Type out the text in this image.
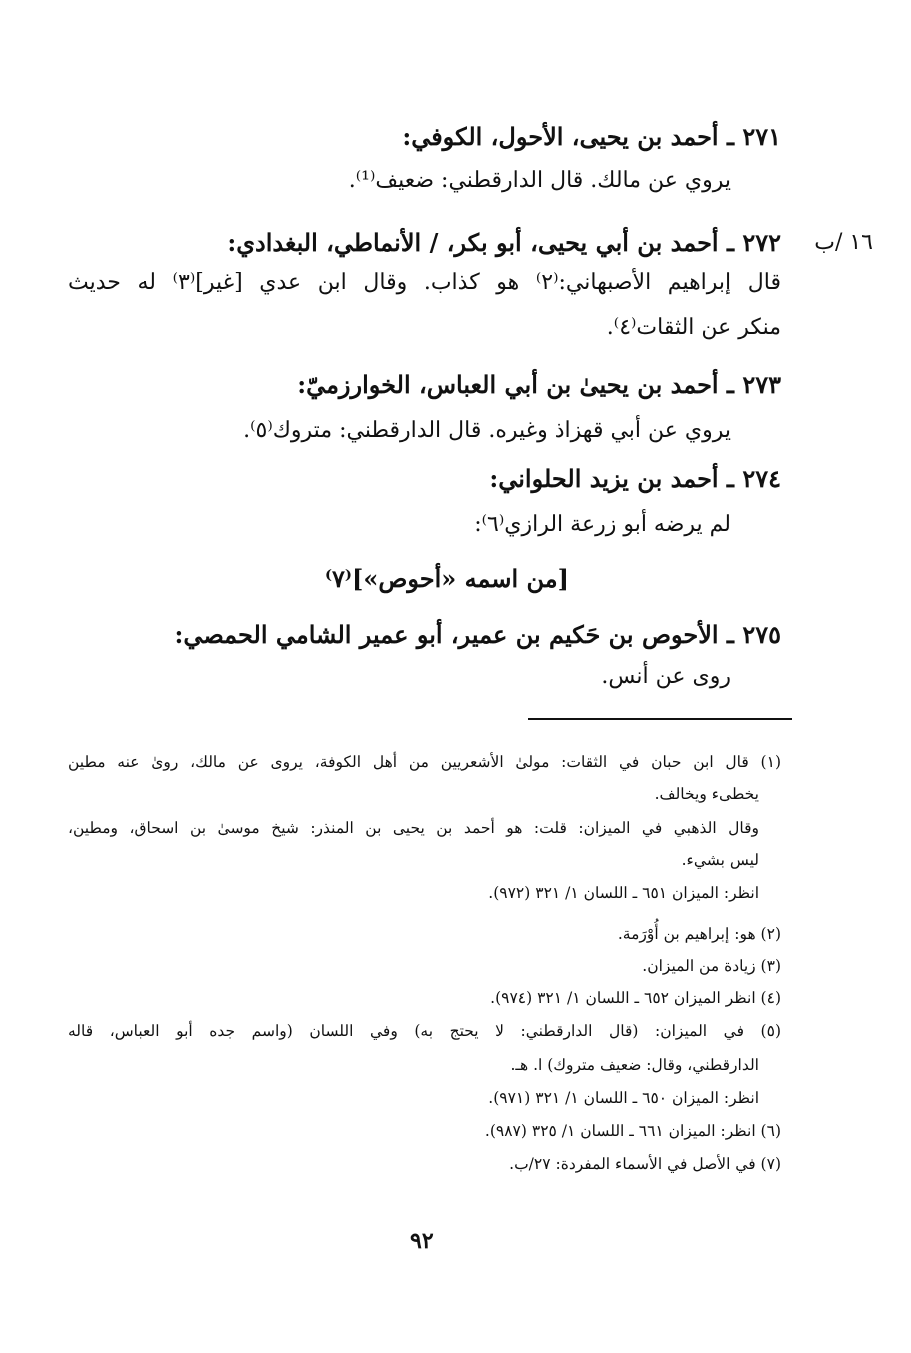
٢٧١ ـ أحمد بن يحيى، الأحول، الكوفي:
يروي عن مالك. قال الدارقطني: ضعيف⁽¹⁾.
١٦ /ب
٢٧٢ ـ أحمد بن أبي يحيى، أبو بكر، / الأنماطي، البغدادي:
قال إبراهيم الأصبهاني:⁽٢⁾ هو كذاب. وقال ابن عدي [غير]⁽٣⁾ له حديث
منكر عن الثقات⁽٤⁾.
٢٧٣ ـ أحمد بن يحيىٰ بن أبي العباس، الخوارزميّ:
يروي عن أبي قهزاذ وغيره. قال الدارقطني: متروك⁽٥⁾.
٢٧٤ ـ أحمد بن يزيد الحلواني:
لم يرضه أبو زرعة الرازي⁽٦⁾:
[من اسمه «أحوص»]⁽٧⁾
٢٧٥ ـ الأحوص بن حَكيم بن عمير، أبو عمير الشامي الحمصي:
روى عن أنس.
(١) قال ابن حبان في الثقات: مولىٰ الأشعريين من أهل الكوفة، يروى عن مالك، روىٰ عنه مطين
يخطىء ويخالف.
وقال الذهبي في الميزان: قلت: هو أحمد بن يحيى بن المنذر: شيخ موسىٰ بن اسحاق، ومطين،
ليس بشيء.
انظر: الميزان ٦٥١ ـ اللسان ١/ ٣٢١ (٩٧٢).
(٢) هو: إبراهيم بن أُوْرَمة.
(٣) زيادة من الميزان.
(٤) انظر الميزان ٦٥٢ ـ اللسان ١/ ٣٢١ (٩٧٤).
(٥) في الميزان: (قال الدارقطني: لا يحتج به) وفي اللسان (واسم جده أبو العباس، قاله
الدارقطني، وقال: ضعيف متروك) ا. هـ.
انظر: الميزان ٦٥٠ ـ اللسان ١/ ٣٢١ (٩٧١).
(٦) انظر: الميزان ٦٦١ ـ اللسان ١/ ٣٢٥ (٩٨٧).
(٧) في الأصل في الأسماء المفردة: ٢٧/ب.
٩٢
